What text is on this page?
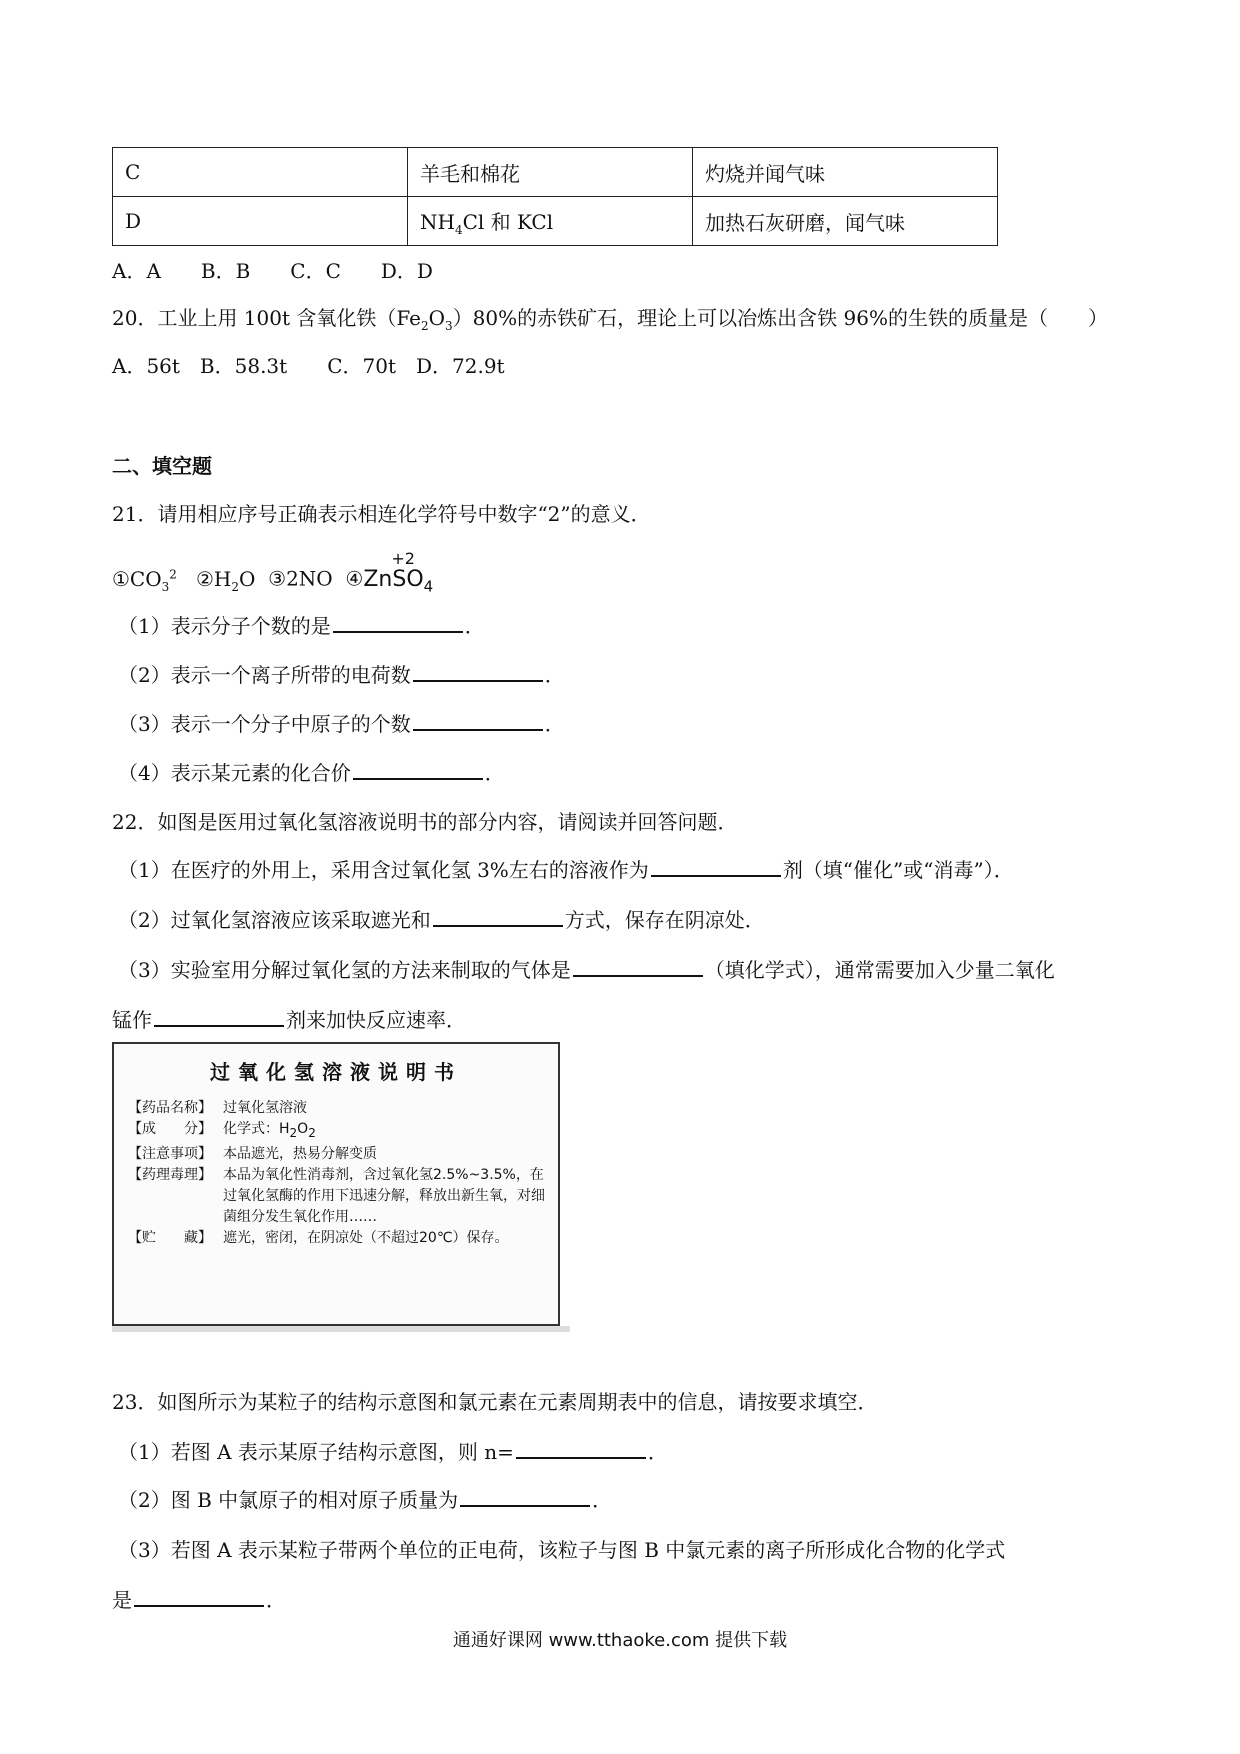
C	羊毛和棉花	灼烧并闻气味
D	$NH_4Cl$ 和 KCl	加热石灰研磨，闻气味
A．A　　B．B　　C．C　　D．D
20．工业上用 100t 含氧化铁$(Fe_2O_3)80\%$的赤铁矿石，理论上可以冶炼出含铁 96%的生铁的质量是（　　）
A．56t　B．58.3t　　C．70t　D．72.9t
二、填空题
21．请用相应序号正确表示相连化学符号中数字“2”的意义．
$①CO_3^2$ $②H_2O$ ③2NO ④
+2
ZnSO$_4$
（1）表示分子个数的是	．
（2）表示一个离子所带的电荷数	．
（3）表示一个分子中原子的个数	．
（4）表示某元素的化合价	．
22．如图是医用过氧化氢溶液说明书的部分内容，请阅读并回答问题．
（1）在医疗的外用上，采用含过氧化氢 3%左右的溶液作为	剂（填“催化”或“消毒”）．
（2）过氧化氢溶液应该采取遮光和	方式，保存在阴凉处．
（3）实验室用分解过氧化氢的方法来制取的气体是	（填化学式），通常需要加入少量二氧化
锰作	剂来加快反应速率．
过氧化氢溶液说明书
【药品名称】 过氧化氢溶液
【成　　分】 化学式：$H_2O_2$
【注意事项】 本品遮光，热易分解变质
【药理毒理】 本品为氧化性消毒剂，含过氧化氢2.5%~3.5%，在过氧化氢酶的作用下迅速分解，释放出新生氧，对细菌组分发生氧化作用……
【贮　　藏】 遮光，密闭，在阴凉处（不超过20℃）保存。
23．如图所示为某粒子的结构示意图和氯元素在元素周期表中的信息，请按要求填空．
（1）若图 A 表示某原子结构示意图，则 n=	．
（2）图 B 中氯原子的相对原子质量为	．
（3）若图 A 表示某粒子带两个单位的正电荷，该粒子与图 B 中氯元素的离子所形成化合物的化学式
是	．
通通好课网 www.tthaoke.com 提供下载
